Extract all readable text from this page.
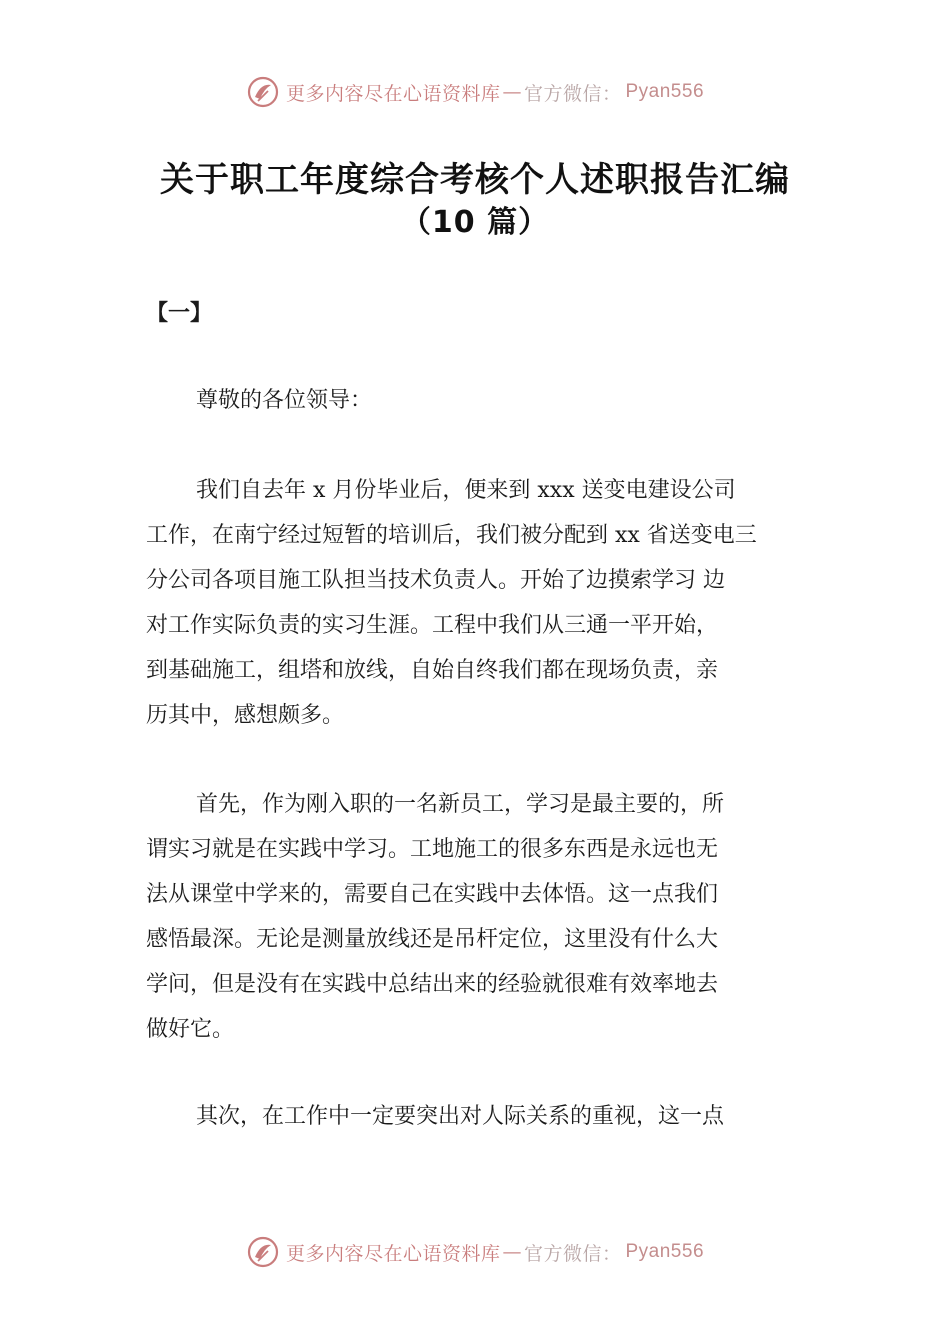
更多内容尽在心语资料库 — 官方微信： Pyan556
关于职工年度综合考核个人述职报告汇编
（10 篇）
【一】
尊敬的各位领导：

我们自去年 x 月份毕业后，便来到 xxx 送变电建设公司
工作，在南宁经过短暂的培训后，我们被分配到 xx 省送变电三
分公司各项目施工队担当技术负责人。开始了边摸索学习 边
对工作实际负责的实习生涯。工程中我们从三通一平开始，
到基础施工，组塔和放线，自始自终我们都在现场负责，亲
历其中，感想颇多。

首先，作为刚入职的一名新员工，学习是最主要的，所
谓实习就是在实践中学习。工地施工的很多东西是永远也无
法从课堂中学来的，需要自己在实践中去体悟。这一点我们
感悟最深。无论是测量放线还是吊杆定位，这里没有什么大
学问，但是没有在实践中总结出来的经验就很难有效率地去
做好它。

其次，在工作中一定要突出对人际关系的重视，这一点

更多内容尽在心语资料库 — 官方微信： Pyan556
